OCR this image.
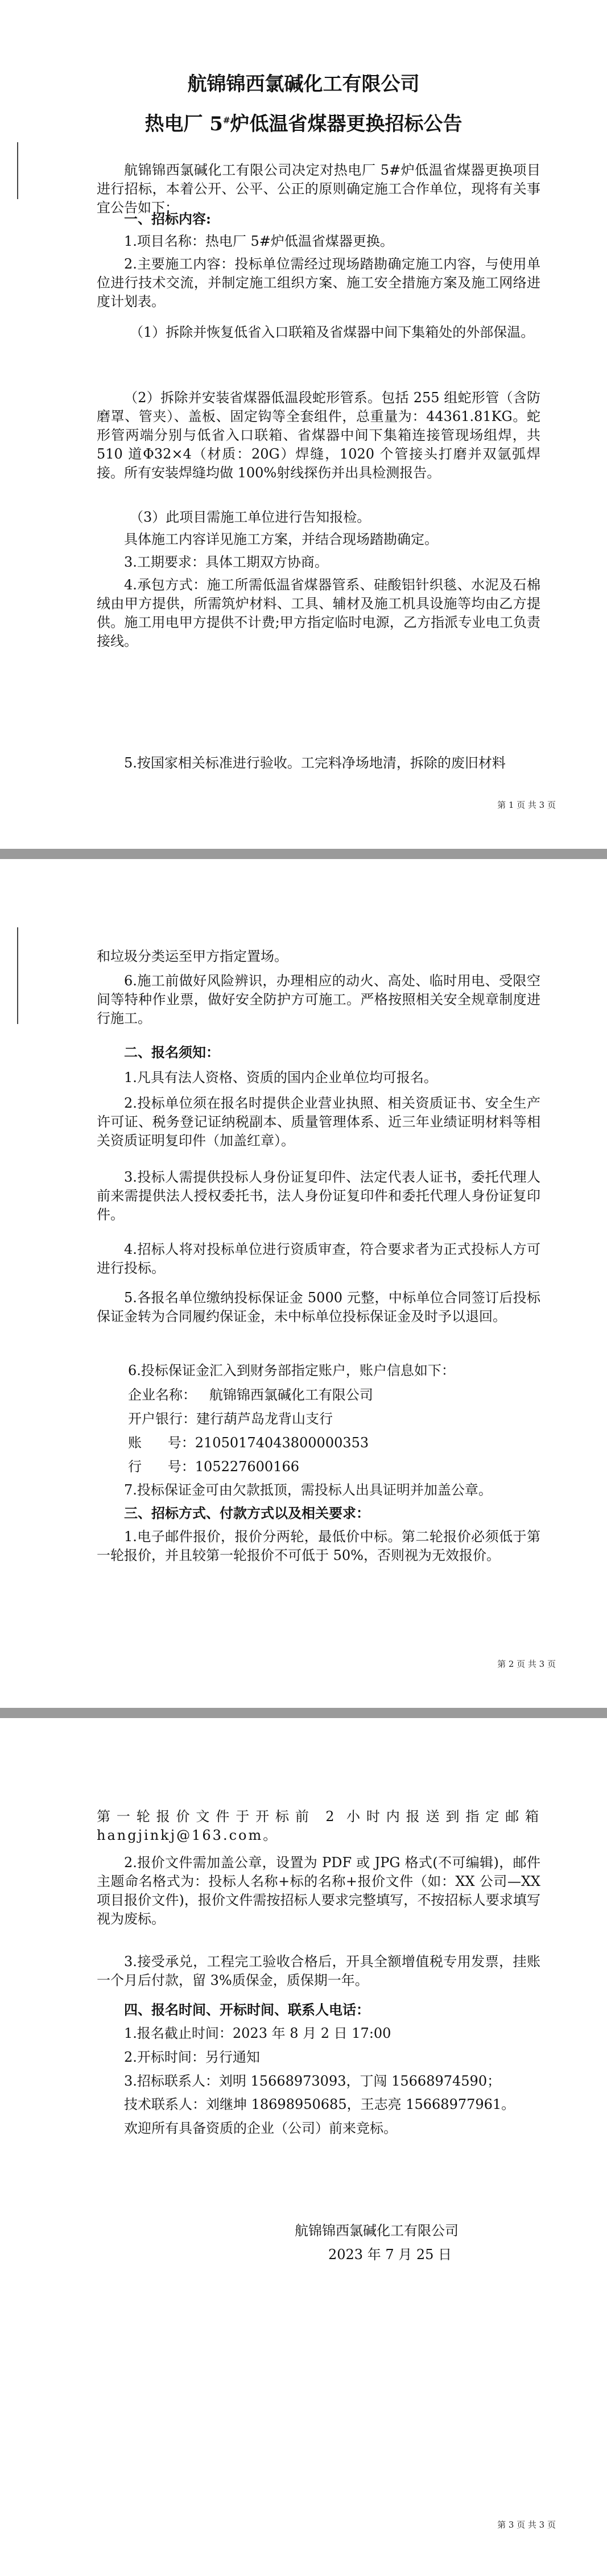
航锦锦西氯碱化工有限公司
热电厂 5#炉低温省煤器更换招标公告

航锦锦西氯碱化工有限公司决定对热电厂 5#炉低温省煤器更换项目进行招标，本着公开、公平、公正的原则确定施工合作单位，现将有关事宜公告如下：

一、招标内容:

1.项目名称：热电厂 5#炉低温省煤器更换。

2.主要施工内容：投标单位需经过现场踏勘确定施工内容，与使用单位进行技术交流，并制定施工组织方案、施工安全措施方案及施工网络进度计划表。

（1）拆除并恢复低省入口联箱及省煤器中间下集箱处的外部保温。

（2）拆除并安装省煤器低温段蛇形管系。包括 255 组蛇形管（含防磨罩、管夹）、盖板、固定钩等全套组件，总重量为：44361.81KG。蛇形管两端分别与低省入口联箱、省煤器中间下集箱连接管现场组焊，共 510 道Φ32×4（材质：20G）焊缝，1020 个管接头打磨并双氩弧焊接。所有安装焊缝均做 100%射线探伤并出具检测报告。

（3）此项目需施工单位进行告知报检。

具体施工内容详见施工方案，并结合现场踏勘确定。

3.工期要求：具体工期双方协商。

4.承包方式：施工所需低温省煤器管系、硅酸铝针织毯、水泥及石棉绒由甲方提供，所需筑炉材料、工具、辅材及施工机具设施等均由乙方提供。施工用电甲方提供不计费;甲方指定临时电源，乙方指派专业电工负责接线。

5.按国家相关标准进行验收。工完料净场地清，拆除的废旧材料

第 1 页 共 3 页

和垃圾分类运至甲方指定置场。

6.施工前做好风险辨识，办理相应的动火、高处、临时用电、受限空间等特种作业票，做好安全防护方可施工。严格按照相关安全规章制度进行施工。

二、报名须知：

1.凡具有法人资格、资质的国内企业单位均可报名。

2.投标单位须在报名时提供企业营业执照、相关资质证书、安全生产许可证、税务登记证纳税副本、质量管理体系、近三年业绩证明材料等相关资质证明复印件（加盖红章）。

3.投标人需提供投标人身份证复印件、法定代表人证书，委托代理人前来需提供法人授权委托书，法人身份证复印件和委托代理人身份证复印件。

4.招标人将对投标单位进行资质审查，符合要求者为正式投标人方可进行投标。

5.各报名单位缴纳投标保证金 5000 元整，中标单位合同签订后投标保证金转为合同履约保证金，未中标单位投标保证金及时予以退回。

6.投标保证金汇入到财务部指定账户，账户信息如下：

企业名称：   航锦锦西氯碱化工有限公司

开户银行：建行葫芦岛龙背山支行

账      号：21050174043800000353

行      号：105227600166

7.投标保证金可由欠款抵顶，需投标人出具证明并加盖公章。

三、招标方式、付款方式以及相关要求：

1.电子邮件报价，报价分两轮，最低价中标。第二轮报价必须低于第一轮报价，并且较第一轮报价不可低于 50%，否则视为无效报价。

第 2 页 共 3 页

第一轮报价文件于开标前 2 小时内报送到指定邮箱 hangjinkj@163.com。

2.报价文件需加盖公章，设置为 PDF 或 JPG 格式(不可编辑)，邮件主题命名格式为：投标人名称+标的名称+报价文件（如：XX 公司—XX 项目报价文件)，报价文件需按招标人要求完整填写，不按招标人要求填写视为废标。

3.接受承兑，工程完工验收合格后，开具全额增值税专用发票，挂账一个月后付款，留 3%质保金，质保期一年。

四、报名时间、开标时间、联系人电话：

1.报名截止时间：2023 年 8 月 2 日 17:00

2.开标时间：另行通知

3.招标联系人：刘明 15668973093，丁闯 15668974590；

技术联系人：刘继坤 18698950685，王志亮 15668977961。

欢迎所有具备资质的企业（公司）前来竞标。

航锦锦西氯碱化工有限公司

2023 年 7 月 25 日

第 3 页 共 3 页
